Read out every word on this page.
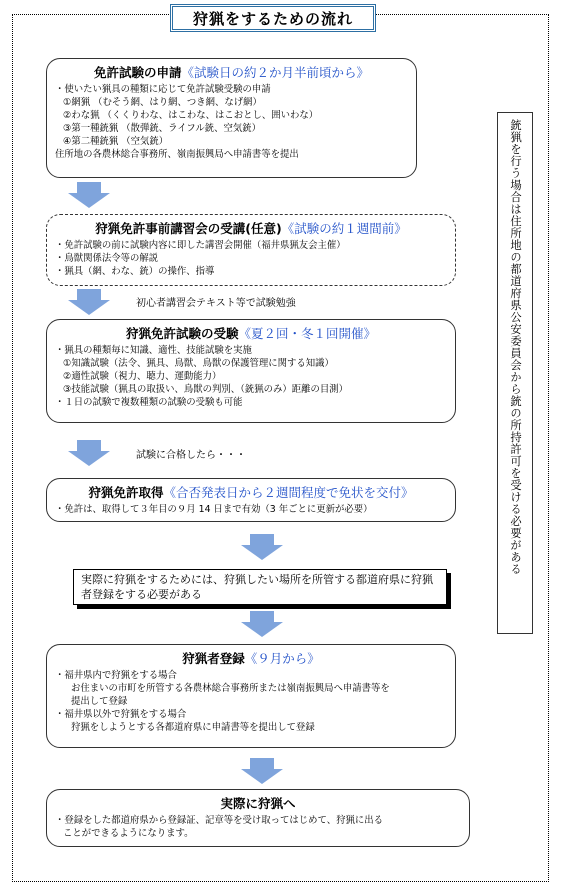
狩猟をするための流れ
免許試験の申請《試験日の約２か月半前頃から》
・使いたい猟具の種類に応じて免許試験受験の申請
①網猟 （むそう網、はり網、つき網、なげ網）
②わな猟 （くくりわな、はこわな、はこおとし、囲いわな）
③第一種銃猟 （散弾銃、ライフル銃、空気銃）
④第二種銃猟 （空気銃）
住所地の各農林総合事務所、嶺南振興局へ申請書等を提出
狩猟免許事前講習会の受講(任意)《試験の約１週間前》
・免許試験の前に試験内容に即した講習会開催（福井県猟友会主催）
・鳥獣関係法令等の解説
・猟具（網、わな、銃）の操作、指導
初心者講習会テキスト等で試験勉強
狩猟免許試験の受験《夏２回・冬１回開催》
・猟具の種類毎に知識、適性、技能試験を実施
①知識試験（法令、猟具、鳥獣、鳥獣の保護管理に関する知識）
②適性試験（視力、聴力、運動能力）
③技能試験（猟具の取扱い、鳥獣の判別、（銃猟のみ）距離の目測）
・１日の試験で複数種類の試験の受験も可能
試験に合格したら・・・
狩猟免許取得《合否発表日から２週間程度で免状を交付》
・免許は、取得して３年目の９月 14 日まで有効（3 年ごとに更新が必要）
実際に狩猟をするためには、狩猟したい場所を所管する都道府県に狩猟者登録をする必要がある
狩猟者登録《９月から》
・福井県内で狩猟をする場合
お住まいの市町を所管する各農林総合事務所または嶺南振興局へ申請書等を
提出して登録
・福井県以外で狩猟をする場合
狩猟をしようとする各都道府県に申請書等を提出して登録
実際に狩猟へ
・登録をした都道府県から登録証、記章等を受け取ってはじめて、狩猟に出る
ことができるようになります。
銃猟を行う場合は住所地の都道府県公安委員会から銃の所持許可を受ける必要がある
